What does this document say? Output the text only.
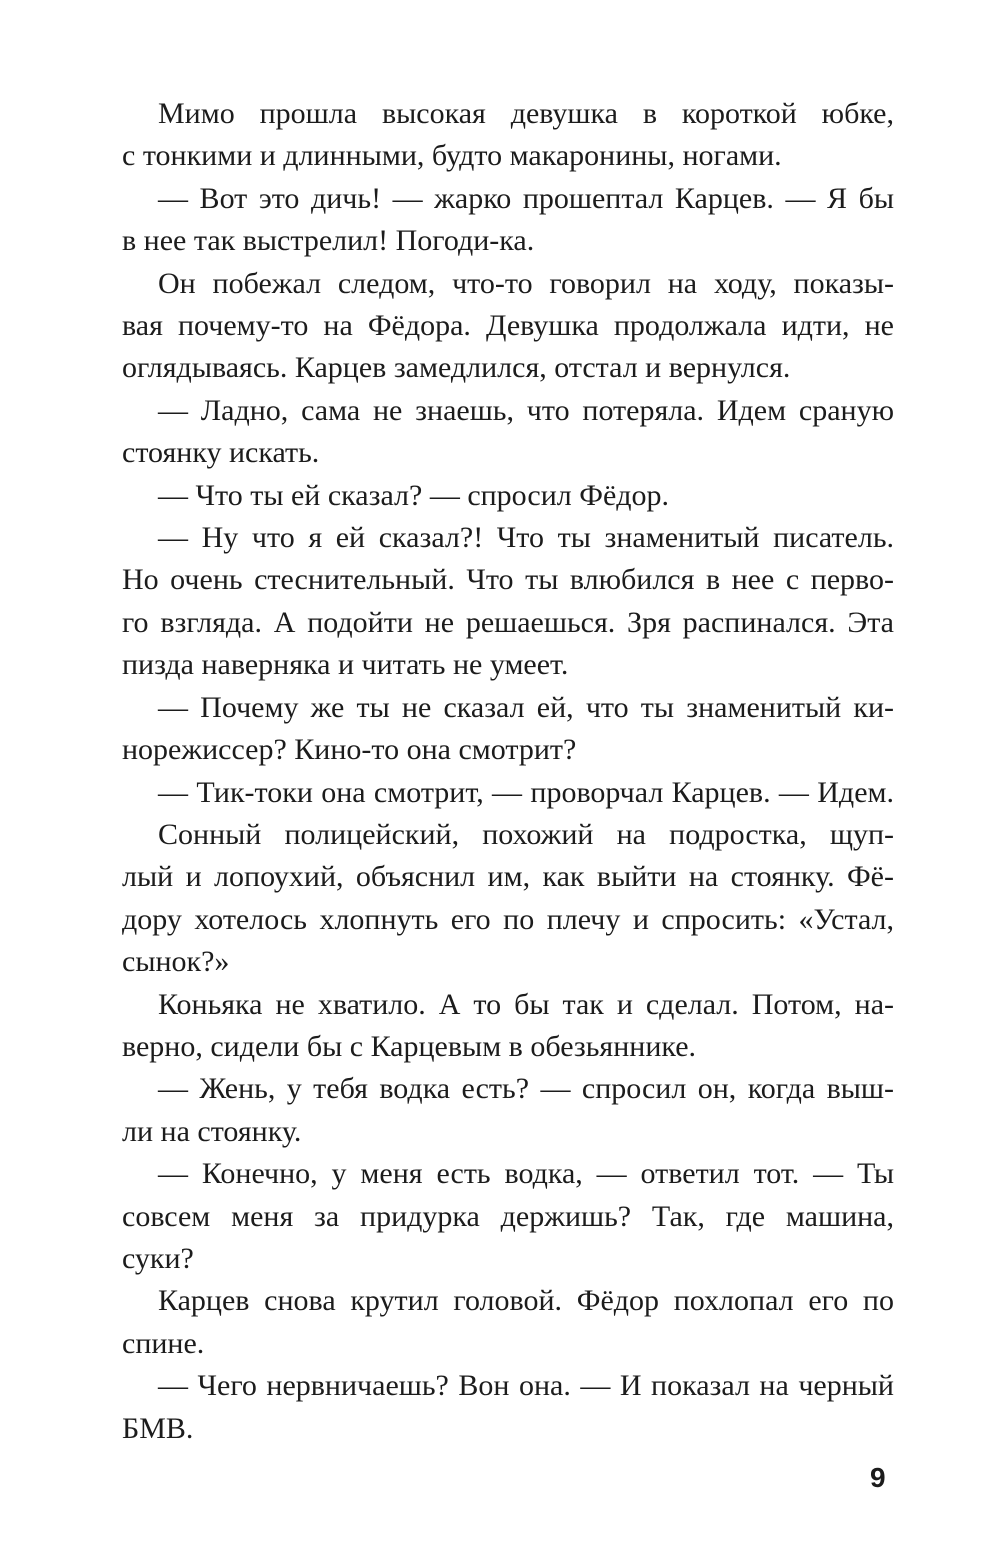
Мимо прошла высокая девушка в короткой юбке,
с тонкими и длинными, будто макаронины, ногами.
— Вот это дичь! — жарко прошептал Карцев. — Я бы
в нее так выстрелил! Погоди-ка.
Он побежал следом, что-то говорил на ходу, показы-
вая почему-то на Фёдора. Девушка продолжала идти, не
оглядываясь. Карцев замедлился, отстал и вернулся.
— Ладно, сама не знаешь, что потеряла. Идем сраную
стоянку искать.
— Что ты ей сказал? — спросил Фёдор.
— Ну что я ей сказал?! Что ты знаменитый писатель.
Но очень стеснительный. Что ты влюбился в нее с перво-
го взгляда. А подойти не решаешься. Зря распинался. Эта
пизда наверняка и читать не умеет.
— Почему же ты не сказал ей, что ты знаменитый ки-
норежиссер? Кино-то она смотрит?
— Тик-токи она смотрит, — проворчал Карцев. — Идем.
Сонный полицейский, похожий на подростка, щуп-
лый и лопоухий, объяснил им, как выйти на стоянку. Фё-
дору хотелось хлопнуть его по плечу и спросить: «Устал,
сынок?»
Коньяка не хватило. А то бы так и сделал. Потом, на-
верно, сидели бы с Карцевым в обезьяннике.
— Жень, у тебя водка есть? — спросил он, когда выш-
ли на стоянку.
— Конечно, у меня есть водка, — ответил тот. — Ты
совсем меня за придурка держишь? Так, где машина,
суки?
Карцев снова крутил головой. Фёдор похлопал его по
спине.
— Чего нервничаешь? Вон она. — И показал на черный
БМВ.
9
